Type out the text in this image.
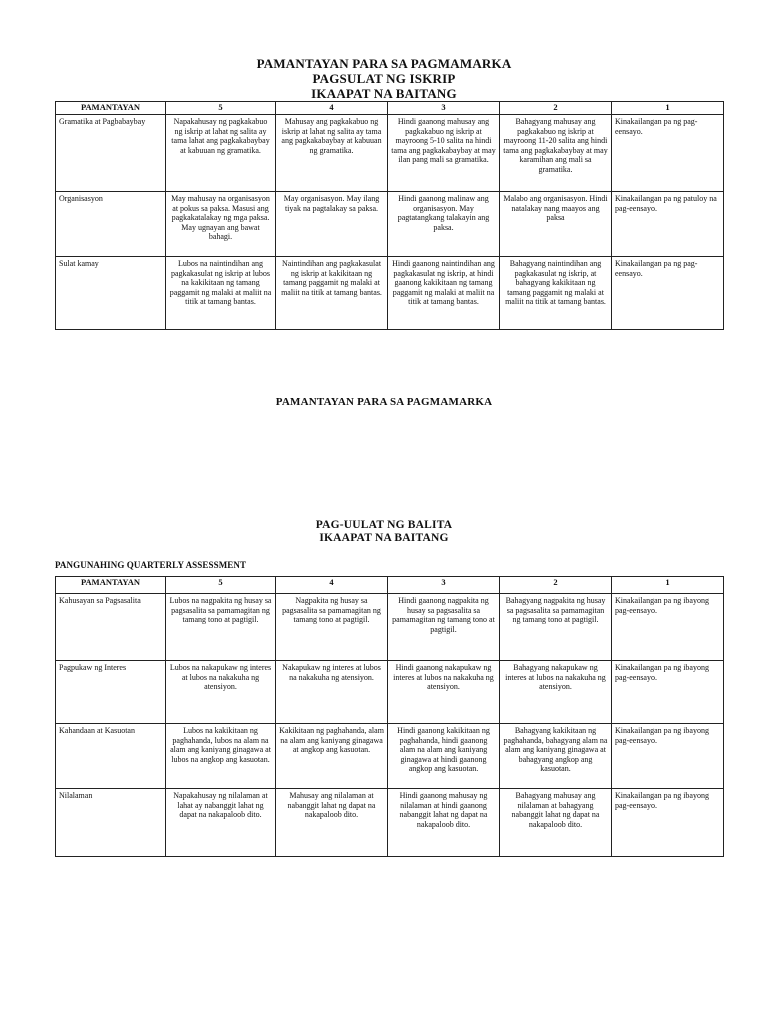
PAMANTAYAN PARA SA PAGMAMARKA
PAGSULAT NG ISKRIP
IKAAPAT NA BAITANG
PAMANTAYAN	5	4	3	2	1
Gramatika at Pagbabaybay	Napakahusay ng pagkakabuo ng iskrip at lahat ng salita ay tama lahat ang pagkakabaybay at kabuuan ng gramatika.	Mahusay ang pagkakabuo ng iskrip at lahat ng salita ay tama ang pagkakabaybay at kabuuan ng gramatika.	Hindi gaanong mahusay ang pagkakabuo ng iskrip at mayroong 5-10 salita na hindi tama ang pagkakabaybay at may ilan pang mali sa gramatika.	Bahagyang mahusay ang pagkakabuo ng iskrip at mayroong 11-20 salita ang hindi tama ang pagkakabaybay at may karamihan ang mali sa gramatika.	Kinakailangan pa ng pag-eensayo.
Organisasyon	May mahusay na organisasyon at pokus sa paksa. Masusi ang pagkakatalakay ng mga paksa. May ugnayan ang bawat bahagi.	May organisasyon. May ilang tiyak na pagtalakay sa paksa.	Hindi gaanong malinaw ang organisasyon. May pagtatangkang talakayin ang paksa.	Malabo ang organisasyon. Hindi natalakay nang maayos ang paksa	Kinakailangan pa ng patuloy na pag-eensayo.
Sulat kamay	Lubos na naintindihan ang pagkakasulat ng iskrip at lubos na kakikitaan ng tamang paggamit ng malaki at maliit na titik at tamang bantas.	Naintindihan ang pagkakasulat ng iskrip at kakikitaan ng tamang paggamit ng malaki at maliit na titik at tamang bantas.	Hindi gaanong naintindihan ang pagkakasulat ng iskrip, at hindi gaanong kakikitaan ng tamang paggamit ng malaki at maliit na titik at tamang bantas.	Bahagyang naintindihan ang pagkakasulat ng iskrip, at bahagyang kakikitaan ng tamang paggamit ng malaki at maliit na titik at tamang bantas.	Kinakailangan pa ng pag-eensayo.
PAMANTAYAN PARA SA PAGMAMARKA
PAG-UULAT NG BALITA
IKAAPAT NA BAITANG
PANGUNAHING QUARTERLY ASSESSMENT
PAMANTAYAN	5	4	3	2	1
Kahusayan sa Pagsasalita	Lubos na nagpakita ng husay sa pagsasalita sa pamamagitan ng tamang tono at pagtigil.	Nagpakita ng husay sa pagsasalita sa pamamagitan ng tamang tono at pagtigil.	Hindi gaanong nagpakita ng husay sa pagsasalita sa pamamagitan ng tamang tono at pagtigil.	Bahagyang nagpakita ng husay sa pagsasalita sa pamamagitan ng tamang tono at pagtigil.	Kinakailangan pa ng ibayong pag-eensayo.
Pagpukaw ng Interes	Lubos na nakapukaw ng interes at lubos na nakakuha ng atensiyon.	Nakapukaw ng interes at lubos na nakakuha ng atensiyon.	Hindi gaanong nakapukaw ng interes at lubos na nakakuha ng atensiyon.	Bahagyang nakapukaw ng interes at lubos na nakakuha ng atensiyon.	Kinakailangan pa ng ibayong pag-eensayo.
Kahandaan at Kasuotan	Lubos na kakikitaan ng paghahanda, lubos na alam na alam ang kaniyang ginagawa at lubos na angkop ang kasuotan.	Kakikitaan ng paghahanda, alam na alam ang kaniyang ginagawa at angkop ang kasuotan.	Hindi gaanong kakikitaan ng paghahanda, hindi gaanong alam na alam ang kaniyang ginagawa at hindi gaanong angkop ang kasuotan.	Bahagyang kakikitaan ng paghahanda, bahagyang alam na alam ang kaniyang ginagawa at bahagyang angkop ang kasuotan.	Kinakailangan pa ng ibayong pag-eensayo.
Nilalaman	Napakahusay ng nilalaman at lahat ay nabanggit lahat ng dapat na nakapaloob dito.	Mahusay ang nilalaman at nabanggit lahat ng dapat na nakapaloob dito.	Hindi gaanong mahusay ng nilalaman at hindi gaanong nabanggit lahat ng dapat na nakapaloob dito.	Bahagyang mahusay ang nilalaman at bahagyang nabanggit lahat ng dapat na nakapaloob dito.	Kinakailangan pa ng ibayong pag-eensayo.
